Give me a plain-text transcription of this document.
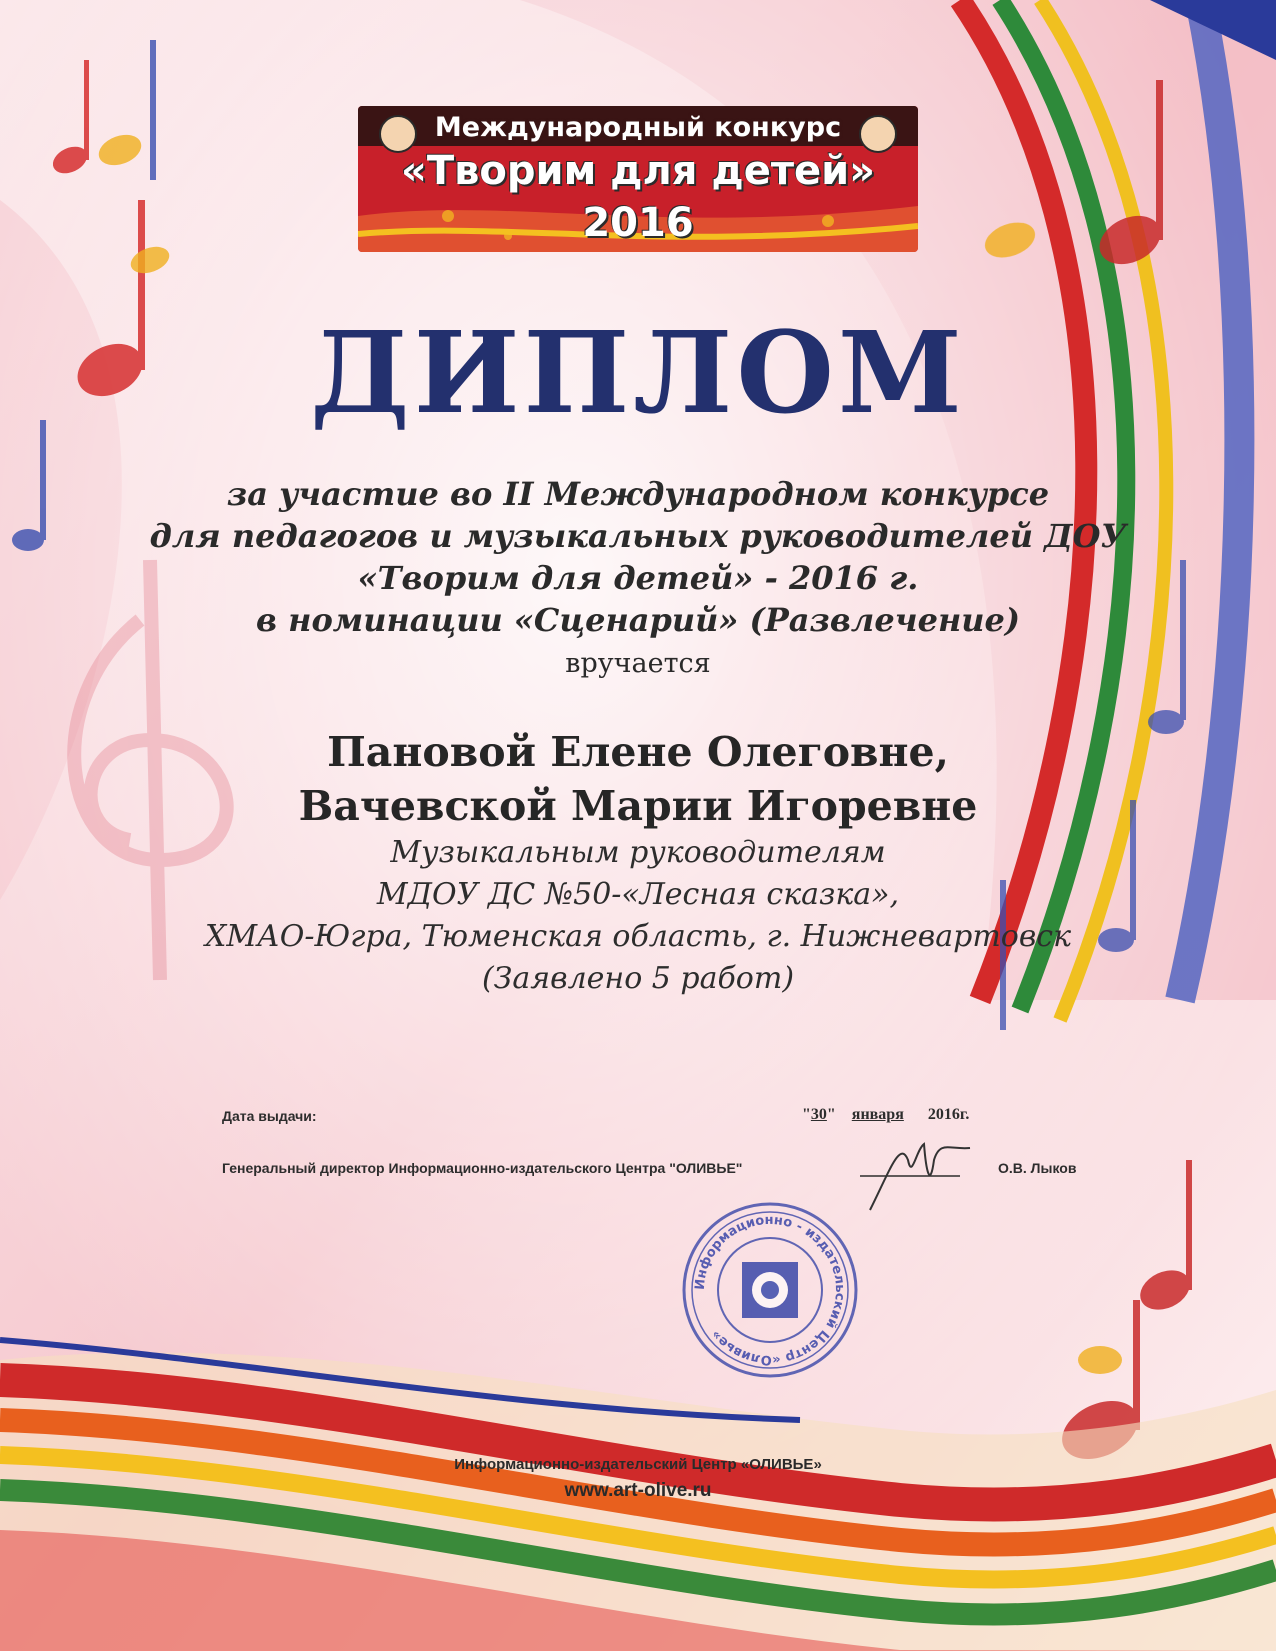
Международный конкурс
«Творим для детей»
2016
ДИПЛОМ
за участие во II Международном конкурсе
для педагогов и музыкальных руководителей ДОУ
«Творим для детей» - 2016 г.
в номинации «Сценарий» (Развлечение)
вручается
Пановой Елене Олеговне,
Вачевской Марии Игоревне
Музыкальным руководителям
МДОУ ДС №50-«Лесная сказка»,
ХМАО-Югра, Тюменская область, г. Нижневартовск
(Заявлено 5 работ)
Дата выдачи:	"30"    января 2016г.
Генеральный директор Информационно-издательского Центра "ОЛИВЬЕ"	О.В. Лыков
Информационно - издательский Центр «Оливье»
Информационно-издательский Центр «ОЛИВЬЕ»
www.art-olive.ru
